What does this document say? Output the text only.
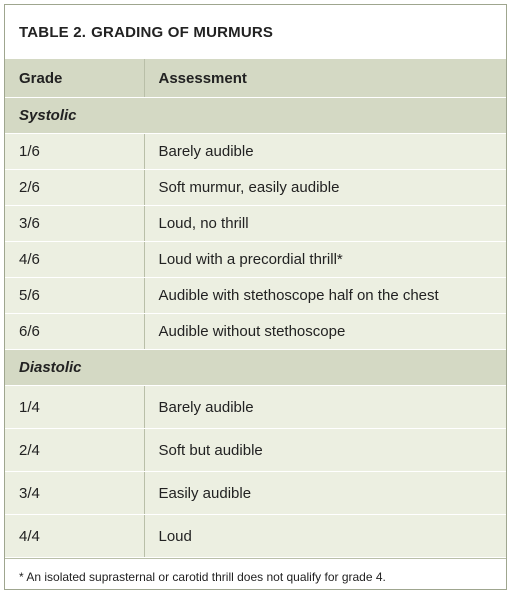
TABLE 2. GRADING OF MURMURS
Grade	Assessment
Systolic	
1/6	Barely audible
2/6	Soft murmur, easily audible
3/6	Loud, no thrill
4/6	Loud with a precordial thrill*
5/6	Audible with stethoscope half on the chest
6/6	Audible without stethoscope
Diastolic	
1/4	Barely audible
2/4	Soft but audible
3/4	Easily audible
4/4	Loud
* An isolated suprasternal or carotid thrill does not qualify for grade 4.
